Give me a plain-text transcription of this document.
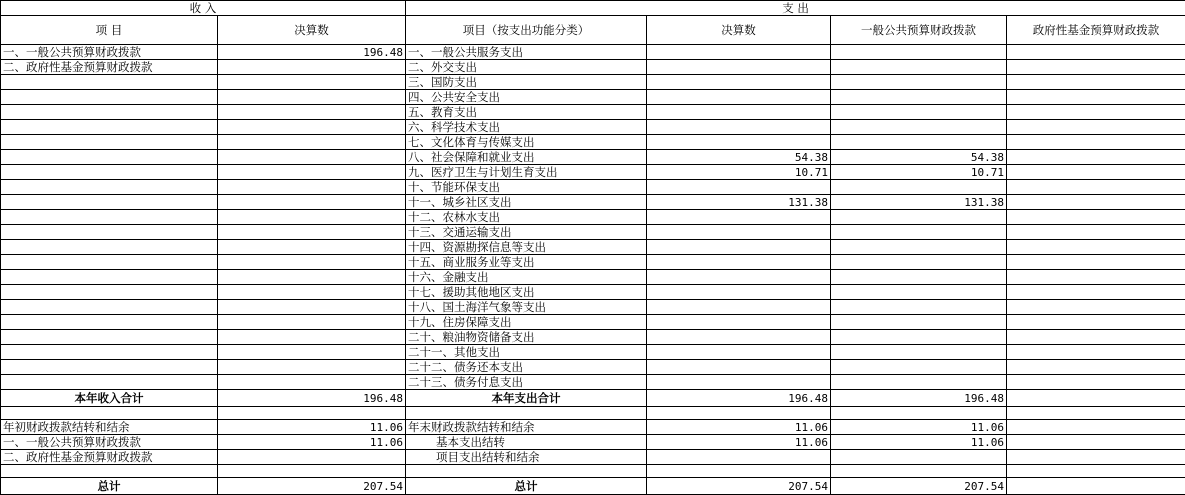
收 入		支 出			
项 目	决算数	项目（按支出功能分类）	决算数	一般公共预算财政拨款	政府性基金预算财政拨款
一、一般公共预算财政拨款	196.48	一、一般公共服务支出			
二、政府性基金预算财政拨款		二、外交支出			
		三、国防支出			
		四、公共安全支出			
		五、教育支出			
		六、科学技术支出			
		七、文化体育与传媒支出			
		八、社会保障和就业支出	54.38	54.38	
		九、医疗卫生与计划生育支出	10.71	10.71	
		十、节能环保支出			
		十一、城乡社区支出	131.38	131.38	
		十二、农林水支出			
		十三、交通运输支出			
		十四、资源勘探信息等支出			
		十五、商业服务业等支出			
		十六、金融支出			
		十七、援助其他地区支出			
		十八、国土海洋气象等支出			
		十九、住房保障支出			
		二十、粮油物资储备支出			
		二十一、其他支出			
		二十二、债务还本支出			
		二十三、债务付息支出			
本年收入合计	196.48	本年支出合计	196.48	196.48	

年初财政拨款结转和结余	11.06	年末财政拨款结转和结余	11.06	11.06	
一、一般公共预算财政拨款	11.06	基本支出结转	11.06	11.06	
二、政府性基金预算财政拨款		项目支出结转和结余			

总计	207.54	总计	207.54	207.54	
